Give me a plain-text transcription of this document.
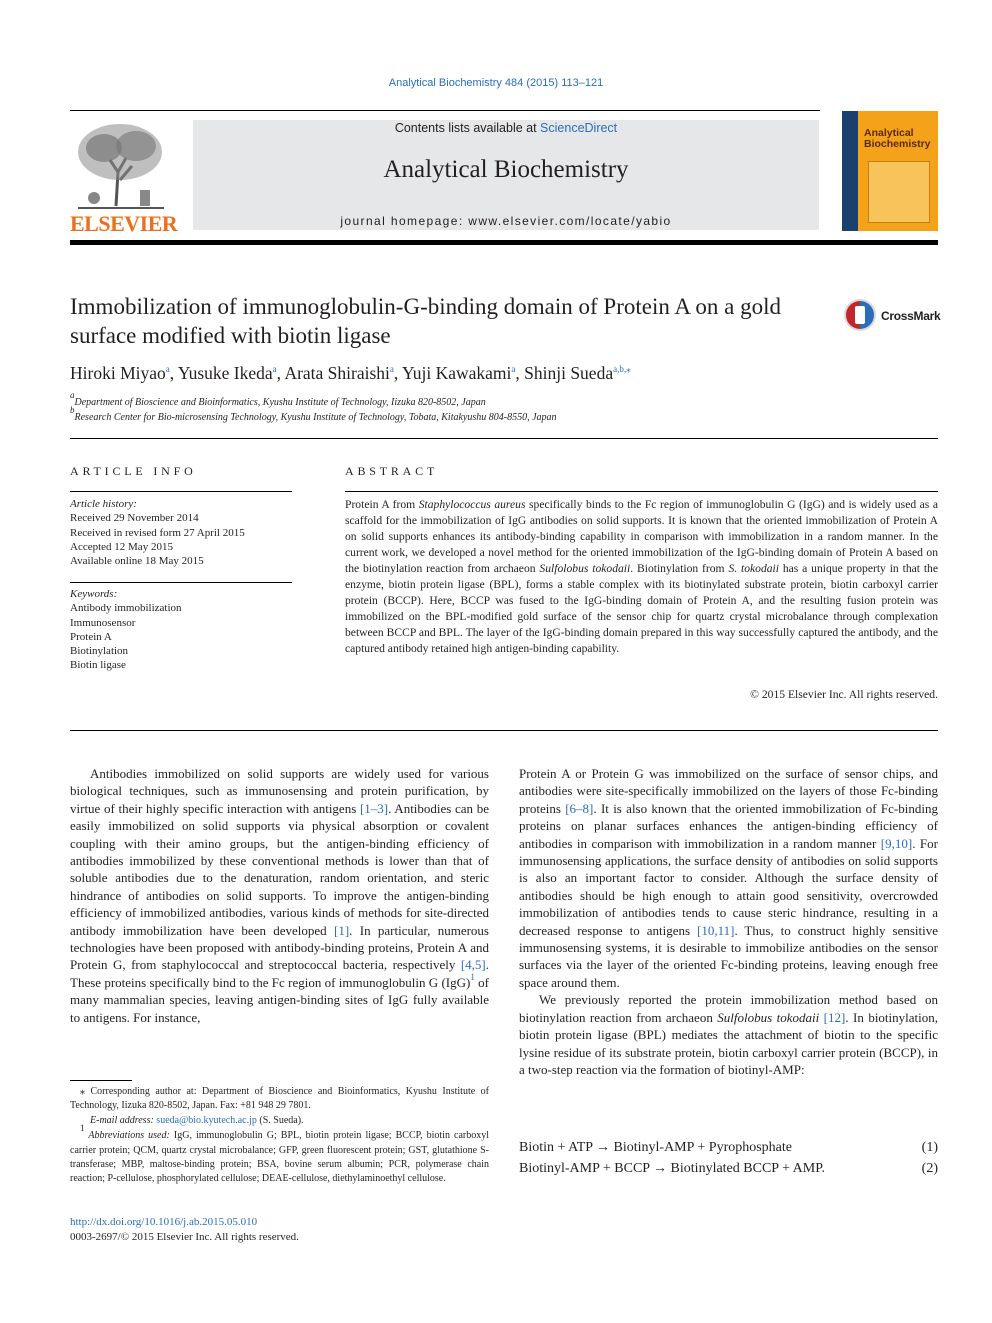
Analytical Biochemistry 484 (2015) 113–121
ELSEVIER
Contents lists available at ScienceDirect
Analytical Biochemistry
journal homepage: www.elsevier.com/locate/yabio
Analytical Biochemistry
Immobilization of immunoglobulin-G-binding domain of Protein A on a gold surface modified with biotin ligase
CrossMark
Hiroki Miyao$^a$, Yusuke Ikeda$^a$, Arata Shiraishi$^a$, Yuji Kawakami$^a$, Shinji Sueda$^{a,b,⁎}$
$^a$Department of Bioscience and Bioinformatics, Kyushu Institute of Technology, Iizuka 820-8502, Japan
$^b$Research Center for Bio-microsensing Technology, Kyushu Institute of Technology, Tobata, Kitakyushu 804-8550, Japan
ARTICLE INFO	ABSTRACT
Article history:
Received 29 November 2014
Received in revised form 27 April 2015
Accepted 12 May 2015
Available online 18 May 2015
Keywords:
Antibody immobilization
Immunosensor
Protein A
Biotinylation
Biotin ligase
Protein A from Staphylococcus aureus specifically binds to the Fc region of immunoglobulin G (IgG) and is widely used as a scaffold for the immobilization of IgG antibodies on solid supports. It is known that the oriented immobilization of Protein A on solid supports enhances its antibody-binding capability in comparison with immobilization in a random manner. In the current work, we developed a novel method for the oriented immobilization of the IgG-binding domain of Protein A based on the biotinylation reaction from archaeon Sulfolobus tokodaii. Biotinylation from S. tokodaii has a unique property in that the enzyme, biotin protein ligase (BPL), forms a stable complex with its biotinylated substrate protein, biotin carboxyl carrier protein (BCCP). Here, BCCP was fused to the IgG-binding domain of Protein A, and the resulting fusion protein was immobilized on the BPL-modified gold surface of the sensor chip for quartz crystal microbalance through complexation between BCCP and BPL. The layer of the IgG-binding domain prepared in this way successfully captured the antibody, and the captured antibody retained high antigen-binding capability.
© 2015 Elsevier Inc. All rights reserved.

Antibodies immobilized on solid supports are widely used for various biological techniques, such as immunosensing and protein purification, by virtue of their highly specific interaction with antigens [1–3]. Antibodies can be easily immobilized on solid supports via physical absorption or covalent coupling with their amino groups, but the antigen-binding efficiency of antibodies immobilized by these conventional methods is lower than that of soluble antibodies due to the denaturation, random orientation, and steric hindrance of antibodies on solid supports. To improve the antigen-binding efficiency of immobilized antibodies, various kinds of methods for site-directed antibody immobilization have been developed [1]. In particular, numerous technologies have been proposed with antibody-binding proteins, Protein A and Protein G, from staphylococcal and streptococcal bacteria, respectively [4,5]. These proteins specifically bind to the Fc region of immunoglobulin G (IgG)$^1$ of many mammalian species, leaving antigen-binding sites of IgG fully available to antigens. For instance,

⁎ Corresponding author at: Department of Bioscience and Bioinformatics, Kyushu Institute of Technology, Iizuka 820-8502, Japan. Fax: +81 948 29 7801.
E-mail address: sueda@bio.kyutech.ac.jp (S. Sueda).
$^1$ Abbreviations used: IgG, immunoglobulin G; BPL, biotin protein ligase; BCCP, biotin carboxyl carrier protein; QCM, quartz crystal microbalance; GFP, green fluorescent protein; GST, glutathione S-transferase; MBP, maltose-binding protein; BSA, bovine serum albumin; PCR, polymerase chain reaction; P-cellulose, phosphorylated cellulose; DEAE-cellulose, diethylaminoethyl cellulose.

Protein A or Protein G was immobilized on the surface of sensor chips, and antibodies were site-specifically immobilized on the layers of those Fc-binding proteins [6–8]. It is also known that the oriented immobilization of Fc-binding proteins on planar surfaces enhances the antigen-binding efficiency of antibodies in comparison with immobilization in a random manner [9,10]. For immunosensing applications, the surface density of antibodies on solid supports is also an important factor to consider. Although the surface density of antibodies should be high enough to attain good sensitivity, overcrowded immobilization of antibodies tends to cause steric hindrance, resulting in a decreased response to antigens [10,11]. Thus, to construct highly sensitive immunosensing systems, it is desirable to immobilize antibodies on the sensor surfaces via the layer of the oriented Fc-binding proteins, leaving enough free space around them.

We previously reported the protein immobilization method based on biotinylation reaction from archaeon Sulfolobus tokodaii [12]. In biotinylation, biotin protein ligase (BPL) mediates the attachment of biotin to the specific lysine residue of its substrate protein, biotin carboxyl carrier protein (BCCP), in a two-step reaction via the formation of biotinyl-AMP:

Biotin + ATP → Biotinyl-AMP + Pyrophosphate	(1)
Biotinyl-AMP + BCCP → Biotinylated BCCP + AMP.	(2)
http://dx.doi.org/10.1016/j.ab.2015.05.010
0003-2697/© 2015 Elsevier Inc. All rights reserved.
